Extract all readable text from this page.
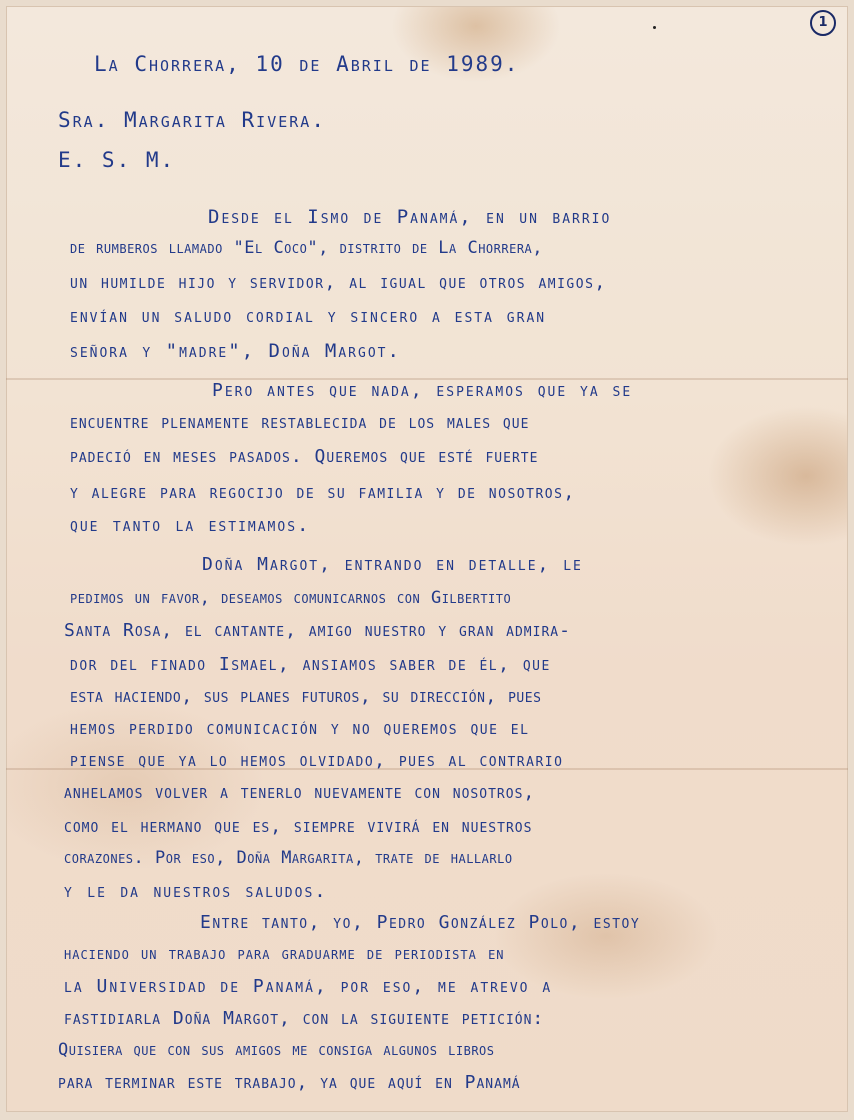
1
La Chorrera, 10 de Abril de 1989.
Sra. Margarita Rivera.
E. S. M.
Desde el Ismo de Panamá, en un barrio
de rumberos llamado "El Coco", distrito de La Chorrera,
un humilde hijo y servidor, al igual que otros amigos,
envían un saludo cordial y sincero a esta gran
señora y "madre", Doña Margot.
Pero antes que nada, esperamos que ya se
encuentre plenamente restablecida de los males que
padeció en meses pasados. Queremos que esté fuerte
y alegre para regocijo de su familia y de nosotros,
que tanto la estimamos.
Doña Margot, entrando en detalle, le
pedimos un favor, deseamos comunicarnos con Gilbertito
Santa Rosa, el cantante, amigo nuestro y gran admira-
dor del finado Ismael, ansiamos saber de él, que
esta haciendo, sus planes futuros, su dirección, pues
hemos perdido comunicación y no queremos que el
piense que ya lo hemos olvidado, pues al contrario
anhelamos volver a tenerlo nuevamente con nosotros,
como el hermano que es, siempre vivirá en nuestros
corazones. Por eso, Doña Margarita, trate de hallarlo
y le da nuestros saludos.
Entre tanto, yo, Pedro González Polo, estoy
haciendo un trabajo para graduarme de periodista en
la Universidad de Panamá, por eso, me atrevo a
fastidiarla Doña Margot, con la siguiente petición:
Quisiera que con sus amigos me consiga algunos libros
para terminar este trabajo, ya que aquí en Panamá
